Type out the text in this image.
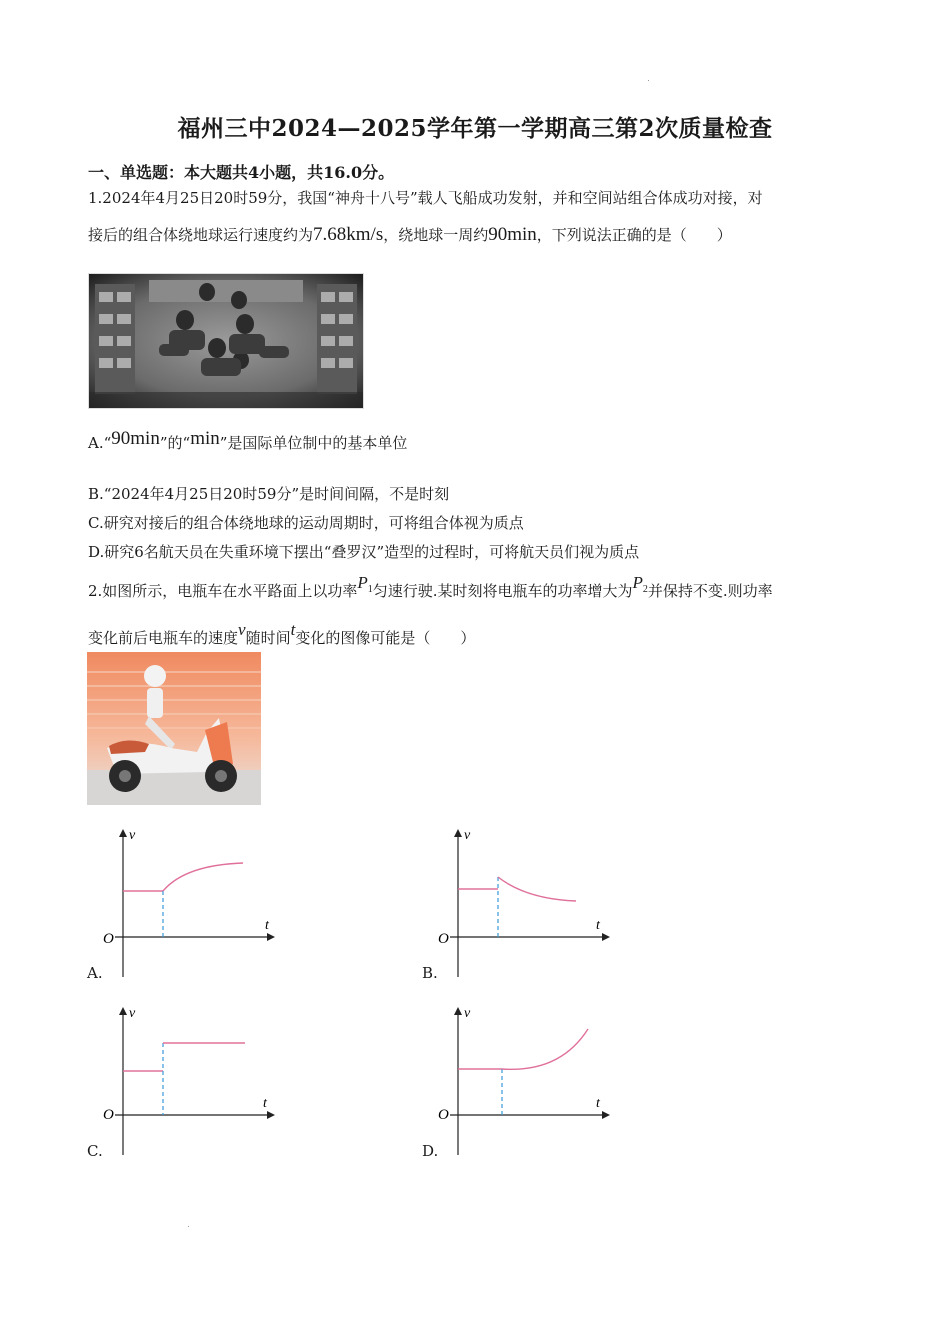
福州三中2024—2025学年第一学期高三第2次质量检查
一、单选题：本大题共4小题，共16.0分。
1.2024年4月25日20时59分，我国“神舟十八号”载人飞船成功发射，并和空间站组合体成功对接，对
接后的组合体绕地球运行速度约为7.68km/s，绕地球一周约90min，下列说法正确的是（　　）
A.“90min”的“min”是国际单位制中的基本单位
B.“2024年4月25日20时59分”是时间间隔，不是时刻
C.研究对接后的组合体绕地球的运动周期时，可将组合体视为质点
D.研究6名航天员在失重环境下摆出“叠罗汉”造型的过程时，可将航天员们视为质点
2.如图所示，电瓶车在水平路面上以功率$P_1$匀速行驶.某时刻将电瓶车的功率增大为$P_2$并保持不变.则功率
变化前后电瓶车的速度v随时间t变化的图像可能是（　　）
v
t
O
A.
v
t
O
B.
v
t
O
C.
v
t
O
D.
